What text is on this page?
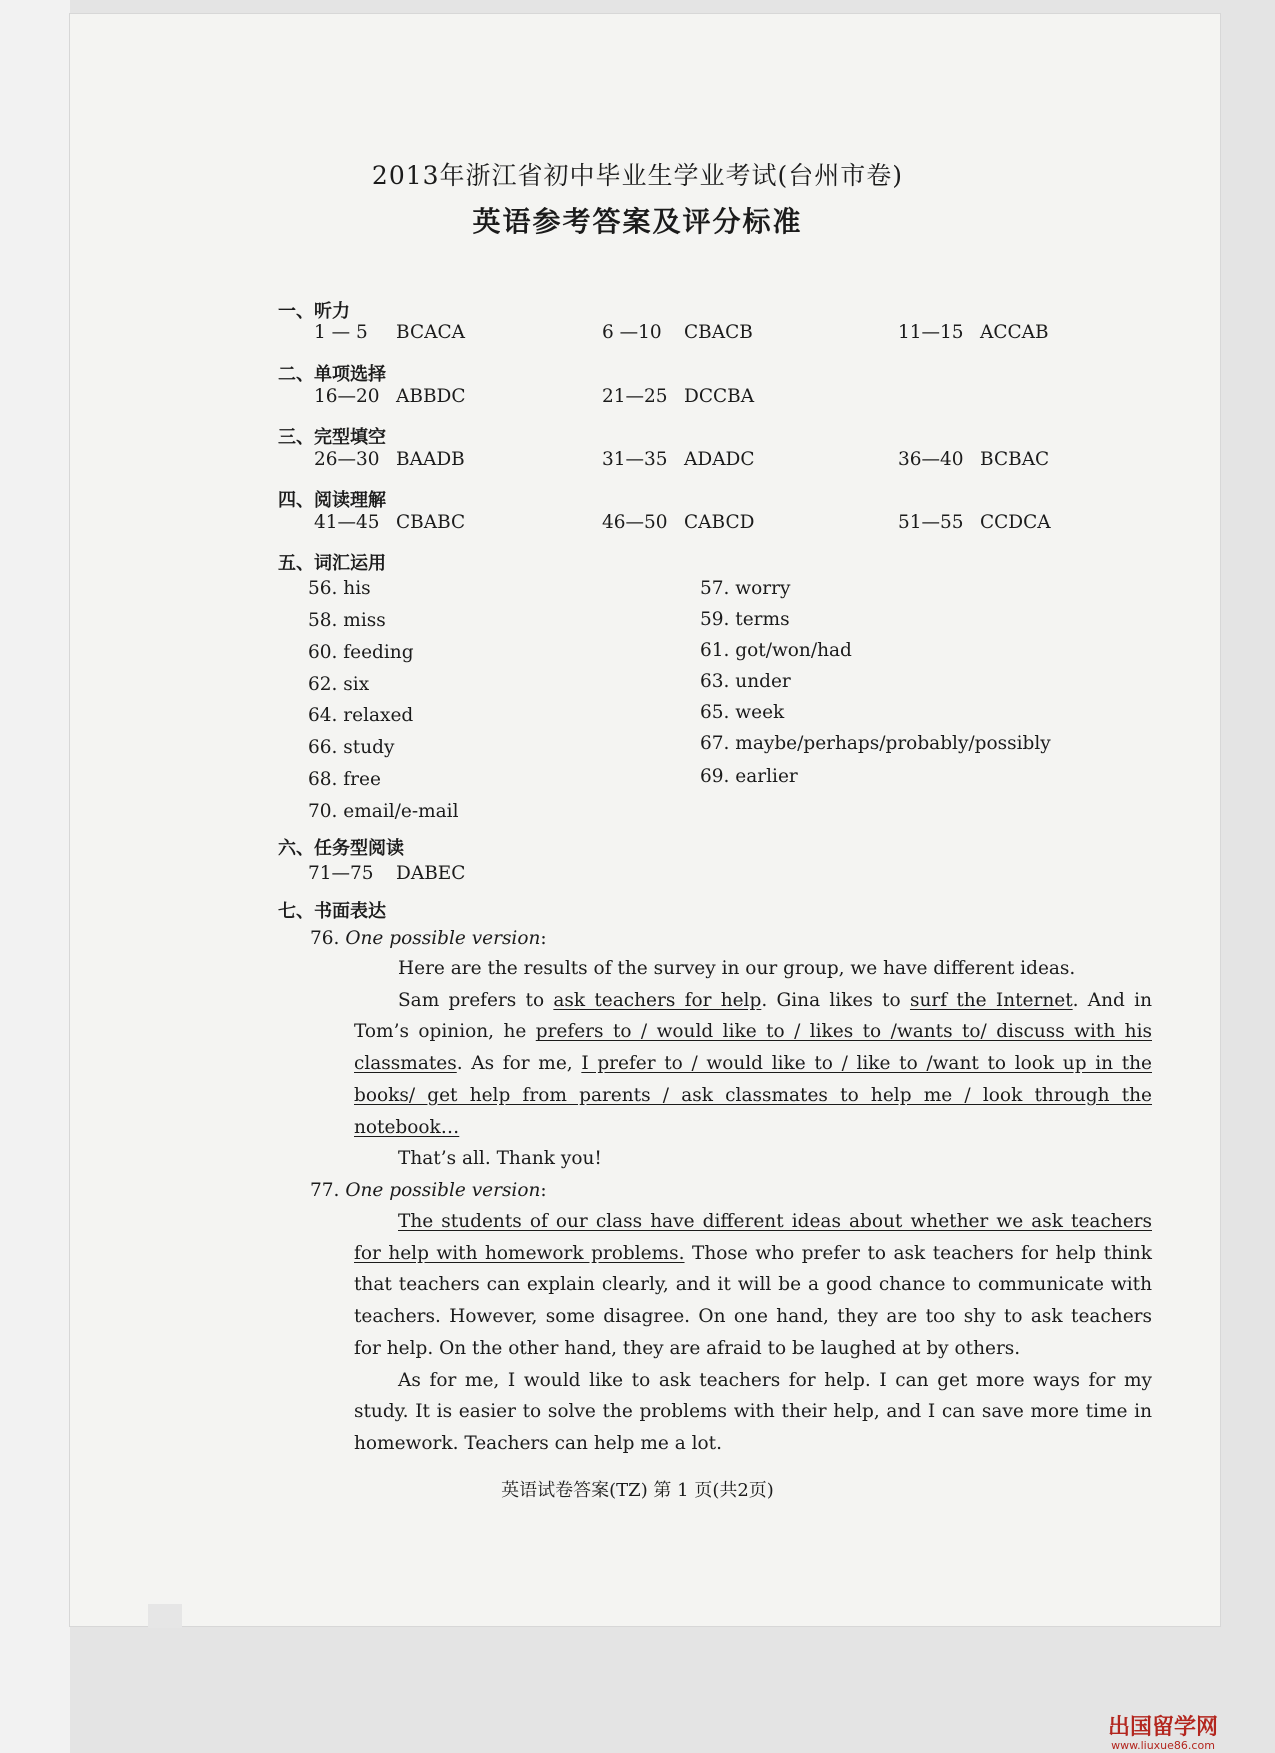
2013年浙江省初中毕业生学业考试(台州市卷)
英语参考答案及评分标准
一、听力
1 — 5 BCACA	6 —10 CBACB	11—15 ACCAB
二、单项选择
16—20 ABBDC	21—25 DCCBA
三、完型填空
26—30 BAADB	31—35 ADADC	36—40 BCBAC
四、阅读理解
41—45 CBABC	46—50 CABCD	51—55 CCDCA
五、词汇运用
56. his	57. worry
58. miss	59. terms
60. feeding	61. got/won/had
62. six	63. under
64. relaxed	65. week
66. study	67. maybe/perhaps/probably/possibly
68. free	69. earlier
70. email/e-mail
六、任务型阅读
71—75 DABEC
七、书面表达
76. One possible version:

Here are the results of the survey in our group, we have different ideas.

Sam prefers to ask teachers for help. Gina likes to surf the Internet. And in Tom’s opinion, he prefers to / would like to / likes to /wants to/ discuss with his classmates. As for me, I prefer to / would like to / like to /want to look up in the books/ get help from parents / ask classmates to help me / look through the notebook…

That’s all. Thank you!

77. One possible version:

The students of our class have different ideas about whether we ask teachers for help with homework problems. Those who prefer to ask teachers for help think that teachers can explain clearly, and it will be a good chance to communicate with teachers. However, some disagree. On one hand, they are too shy to ask teachers for help. On the other hand, they are afraid to be laughed at by others.

As for me, I would like to ask teachers for help. I can get more ways for my study. It is easier to solve the problems with their help, and I can save more time in homework. Teachers can help me a lot.

英语试卷答案(TZ) 第 1 页(共2页)
出国留学网
www.liuxue86.com
